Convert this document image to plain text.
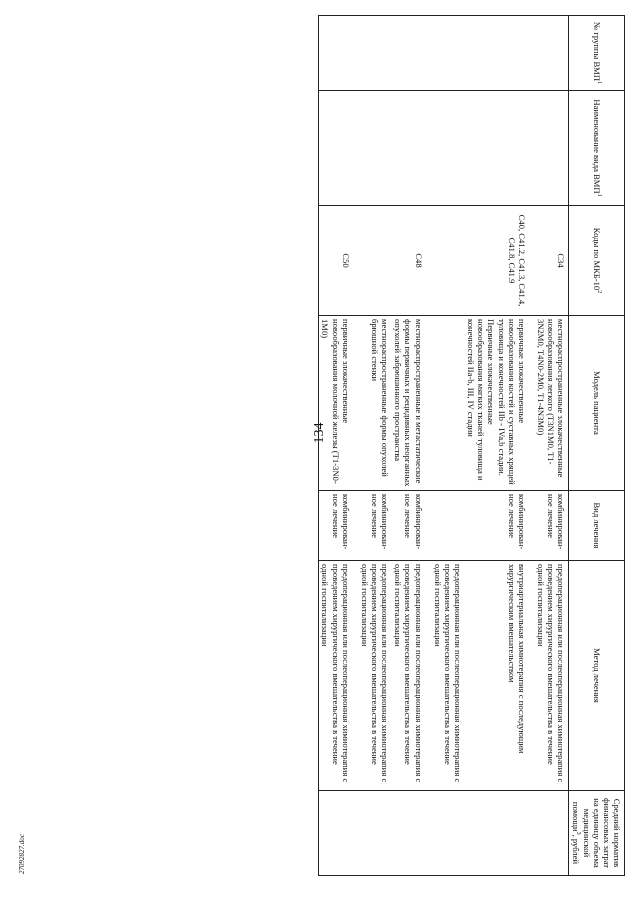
134
27092827.doc
№ группы ВМП$^1$	Наименование вида ВМП$^1$	Коды по МКБ-$10^2$	Модель пациента	Вид лечения	Метод лечения	Средний норматив финансовых затрат на единицу объема медицинской помощи$^3$, рублей
		C34	местнораспространенные злокачественные новообразования легкого (T3N1M0, T1-3N2M0, T4N0-2M0, T1-4N3M0)	комбинирован-ное лечение	предоперационная или послеоперационная химиотерапия с проведением хирургического вмешательства в течение одной госпитализации	
		C40, C41.2, C41.3, C41.4, C41.8, C41.9	первичные злокачественные новообразования костей и суставных хрящей туловища и конечностей IIb - IVa,b стадии. Первичные злокачественные новообразования мягких тканей туловища и конечностей IIa-b, III, IV стадии	комбинирован-ное лечение	внутриартериальная химиотерапия с последующим хирургическим вмешательством	
					предоперационная или послеоперационная химиотерапия с проведением хирургического вмешательства в течение одной госпитализации	
		C48	местнораспространенные и метастатические формы первичных и рецидивных неорганных опухолей забрюшинного пространства	комбинирован-ное лечение	предоперационная или послеоперационная химиотерапия с проведением хирургического вмешательства в течение одной госпитализации	
			местнораспространенные формы опухолей брюшной стенки	комбинирован-ное лечение	предоперационная или послеоперационная химиотерапия с проведением хирургического вмешательства в течение одной госпитализации	
		C50	первичные злокачественные новообразования молочной железы (T1-3N0-1M0)	комбинирован-ное лечение	предоперационная или послеоперационная химиотерапия с проведением хирургического вмешательства в течение одной госпитализации	
